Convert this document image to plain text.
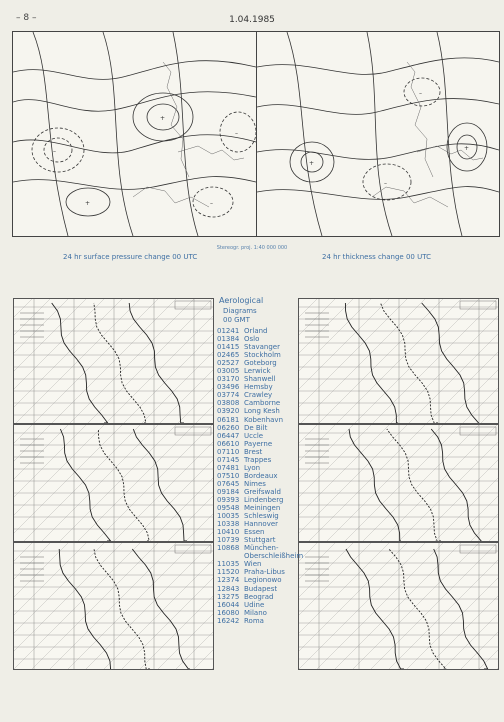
– 8 –	1.04.1985
–
+
–
+	–
+
–
+
–
Stereogr. proj. 1:40 000 000
24 hr surface pressure change 00 UTC	24 hr thickness change 00 UTC
Aerological
Diagrams
00 GMT
01241 Orland
01384 Oslo
01415 Stavanger
02465 Stockholm
02527 Goteborg
03005 Lerwick
03170 Shanwell
03496 Hemsby
03774 Crawley
03808 Camborne
03920 Long Kesh
06181 Kobenhavn
06260 De Bilt
06447 Uccle
06610 Payerne
07110 Brest
07145 Trappes
07481 Lyon
07510 Bordeaux
07645 Nimes
09184 Greifswald
09393 Lindenberg
09548 Meiningen
10035 Schleswig
10338 Hannover
10410 Essen
10739 Stuttgart
10868 München-
Oberschleißheim
11035 Wien
11520 Praha-Libus
12374 Legionowo
12843 Budapest
13275 Beograd
16044 Udine
16080 Milano
16242 Roma
